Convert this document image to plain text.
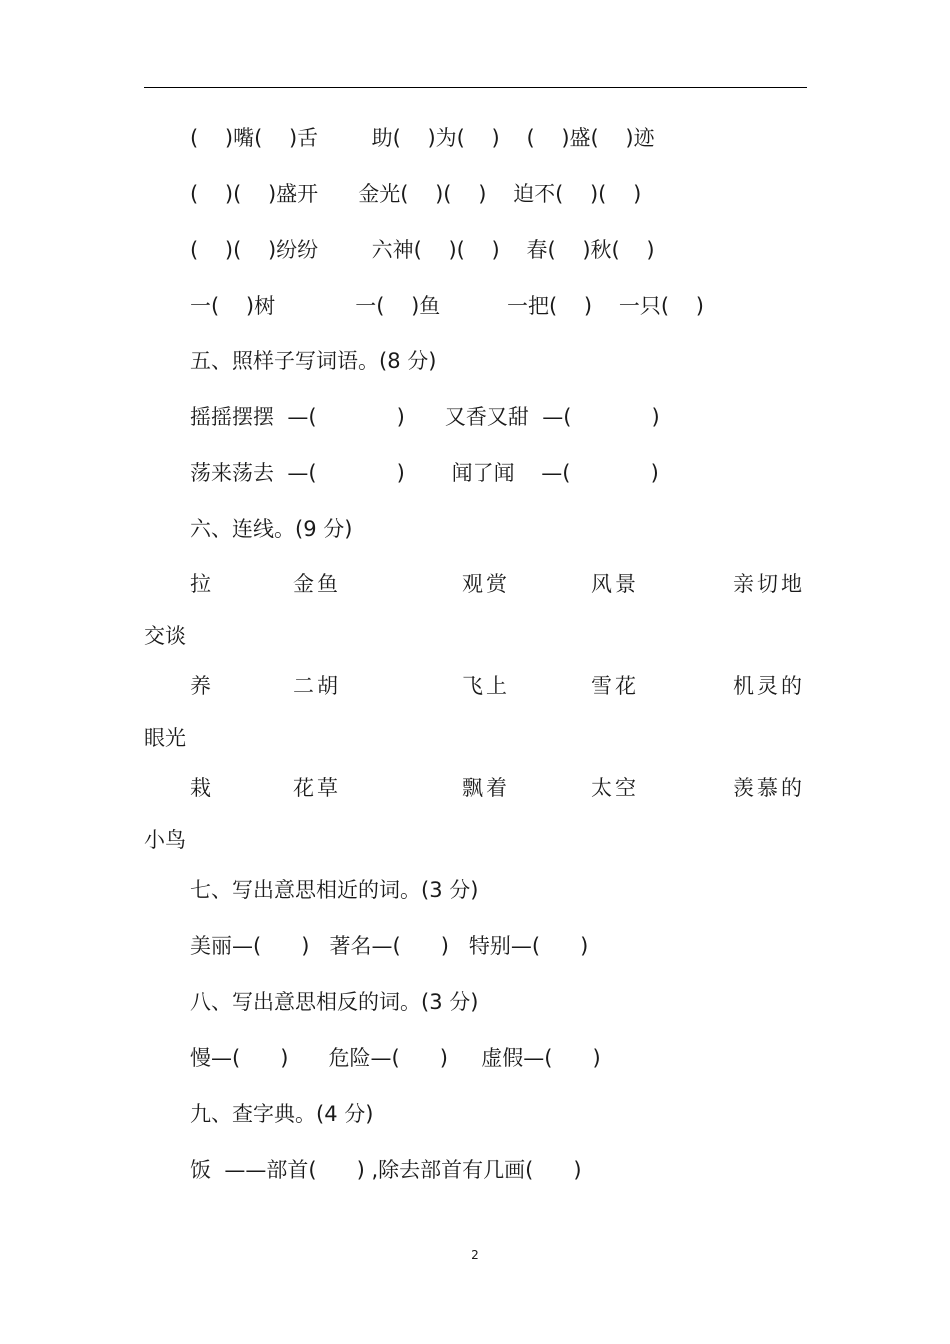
(    )嘴(    )舌        助(    )为(    )    (    )盛(    )迹
(    )(    )盛开      金光(    )(    )    迫不(    )(    )
(    )(    )纷纷        六神(    )(    )    春(    )秋(    )
一(    )树            一(    )鱼          一把(    )    一只(    )
五、照样子写词语。(8 分)
摇摇摆摆  —(            )      又香又甜  —(            )
荡来荡去  —(            )       闻了闻    —(            )
六、连线。(9 分)
拉	金鱼	观赏	风景	亲切地
交谈
养	二胡	飞上	雪花	机灵的
眼光
栽	花草	飘着	太空	羡慕的
小鸟
七、写出意思相近的词。(3 分)
美丽—(      )   著名—(      )   特别—(      )
八、写出意思相反的词。(3 分)
慢—(      )      危险—(      )     虚假—(      )
九、查字典。(4 分)
饭  ——部首(      ) ,除去部首有几画(      )
2
